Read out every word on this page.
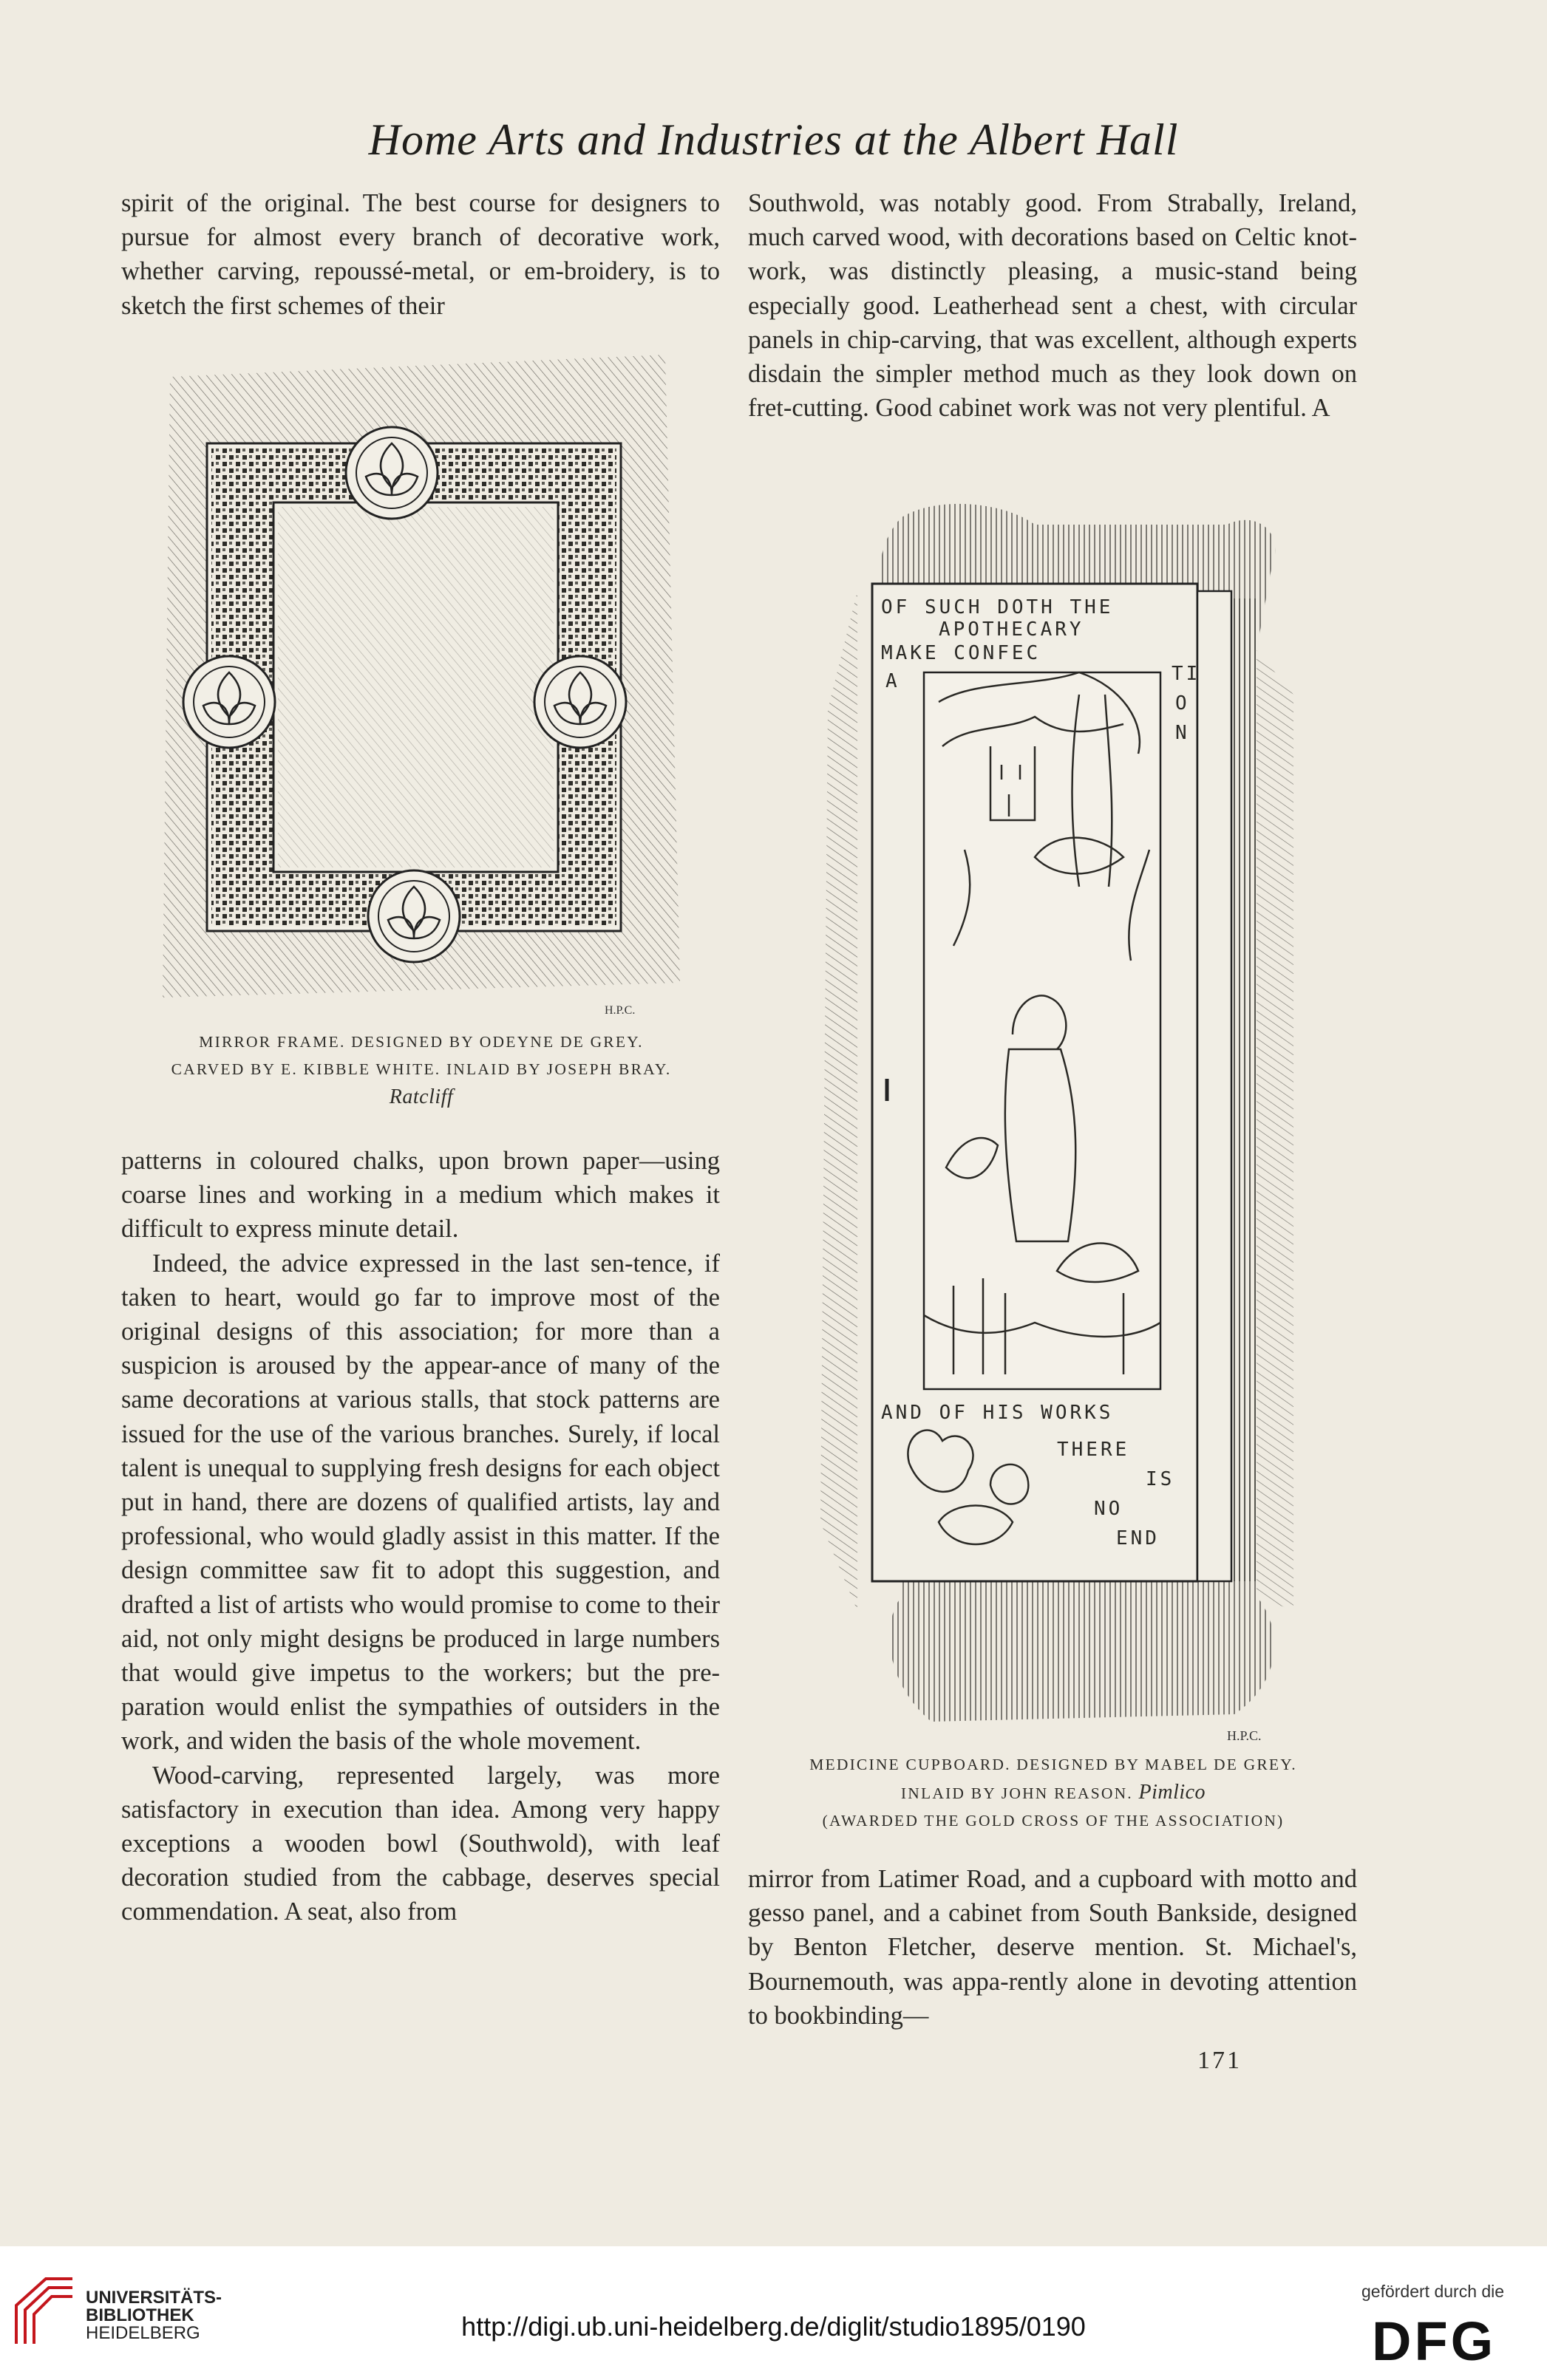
Home Arts and Industries at the Albert Hall

spirit of the original. The best course for designers to pursue for almost every branch of decorative work, whether carving, repoussé-metal, or em-broidery, is to sketch the first schemes of their

H.P.C.
MIRROR FRAME. DESIGNED BY ODEYNE DE GREY.
CARVED BY E. KIBBLE WHITE. INLAID BY JOSEPH BRAY.
Ratcliff

patterns in coloured chalks, upon brown paper—using coarse lines and working in a medium which makes it difficult to express minute detail.

Indeed, the advice expressed in the last sen-tence, if taken to heart, would go far to improve most of the original designs of this association; for more than a suspicion is aroused by the appear-ance of many of the same decorations at various stalls, that stock patterns are issued for the use of the various branches. Surely, if local talent is unequal to supplying fresh designs for each object put in hand, there are dozens of qualified artists, lay and professional, who would gladly assist in this matter. If the design committee saw fit to adopt this suggestion, and drafted a list of artists who would promise to come to their aid, not only might designs be produced in large numbers that would give impetus to the workers; but the pre-paration would enlist the sympathies of outsiders in the work, and widen the basis of the whole movement.

Wood-carving, represented largely, was more satisfactory in execution than idea. Among very happy exceptions a wooden bowl (Southwold), with leaf decoration studied from the cabbage, deserves special commendation. A seat, also from

Southwold, was notably good. From Strabally, Ireland, much carved wood, with decorations based on Celtic knot-work, was distinctly pleasing, a music-stand being especially good. Leatherhead sent a chest, with circular panels in chip-carving, that was excellent, although experts disdain the simpler method much as they look down on fret-cutting. Good cabinet work was not very plentiful. A

OF SUCH DOTH THE
APOTHECARY
MAKE CONFEC
A	TI
O
N
AND OF HIS WORKS
THERE
IS
NO
END
H.P.C.
MEDICINE CUPBOARD. DESIGNED BY MABEL DE GREY.
INLAID BY JOHN REASON. Pimlico
(AWARDED THE GOLD CROSS OF THE ASSOCIATION)

mirror from Latimer Road, and a cupboard with motto and gesso panel, and a cabinet from South Bankside, designed by Benton Fletcher, deserve mention. St. Michael's, Bournemouth, was appa-rently alone in devoting attention to bookbinding—

171
UNIVERSITÄTS-
BIBLIOTHEK
HEIDELBERG	http://digi.ub.uni-heidelberg.de/diglit/studio1895/0190
gefördert durch die
DFG
